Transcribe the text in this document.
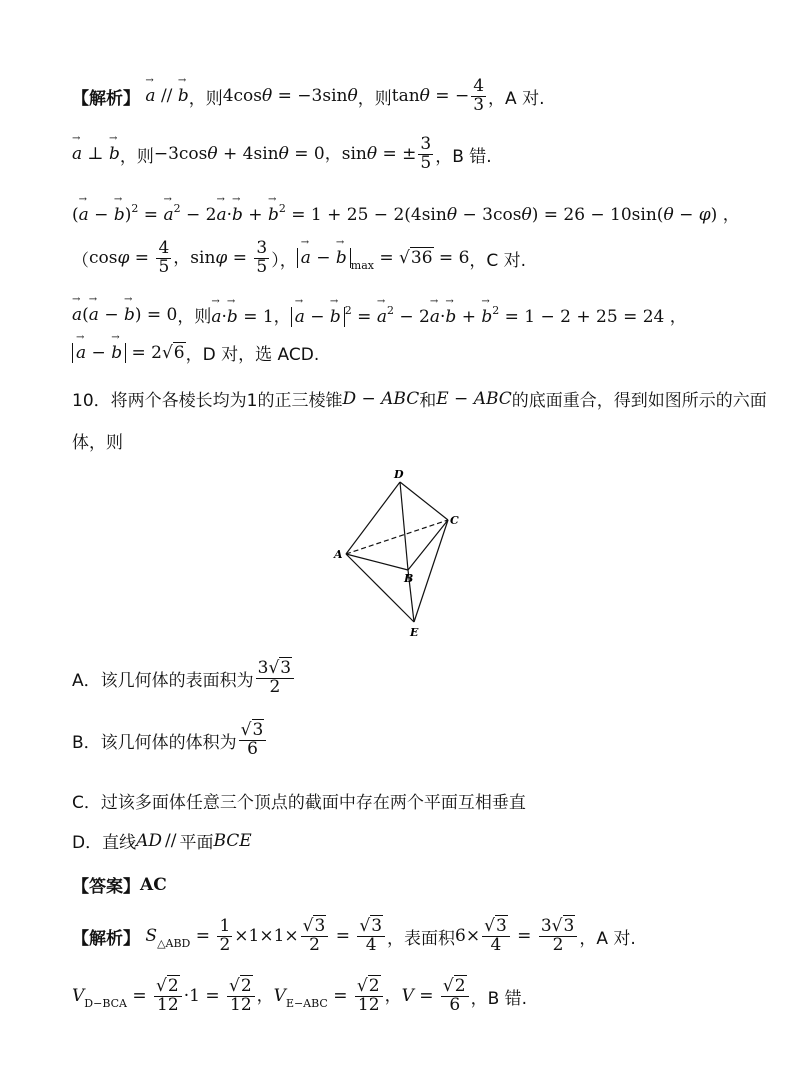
【解析】 → a // → b ，则 4cosθ = −3sinθ ，则 tanθ = − $\frac{4}{3}$ ，A 对.
→ a ⊥ → b ，则 −3cosθ + 4sinθ = 0，sinθ = ± $\frac{3}{5}$ ，B 错.
(→ a − → b)$^2$ = → $a^2 - 2\to a\cdot\to b$ + → $b^2 = 1 + 25 - 2(4\sin\theta - 3\cos\theta) = 26 - 10\sin(\theta - \varphi)$ ，
（ $\cos\varphi = \frac{4}{5}$ ，$\sin\varphi = \frac{3}{5}$ ）， → a − → b $_{max}$ = √36 = 6 ，C 对.
→ a(→ a − → b) = 0 ，则 → a·→ b = 1， → a − → b $^2$ = → $a^2 - 2\to a\cdot\to b$ + → $b^2 = 1 - 2 + 25 = 24$ ，
→ a − → b = 2√6 ，D 对，选 ACD.
10．将两个各棱长均为1的正三棱锥 D − ABC 和 E − ABC 的底面重合，得到如图所示的六面
体，则
D
C
A
B
E
A．该几何体的表面积为 $\frac{3√3}{2}$
B．该几何体的体积为 $\frac{√3}{6}$
C．过该多面体任意三个顶点的截面中存在两个平面互相垂直
D．直线 AD // 平面 BCE
【答案】 AC
【解析】 $S_{\triangle ABD} = \frac{1}{2} \times 1\times 1\times \frac{√3}{2} = \frac{√3}{4}$ ，表面积 $6\times \frac{√3}{4} = \frac{3√3}{2}$ ，A 对.
$V_{D-BCA} = \frac{√2}{12} \cdot 1 = \frac{√2}{12}$ ，$V_{E-ABC} = \frac{√2}{12}$ ，$V = \frac{√2}{6}$ ，B 错.
